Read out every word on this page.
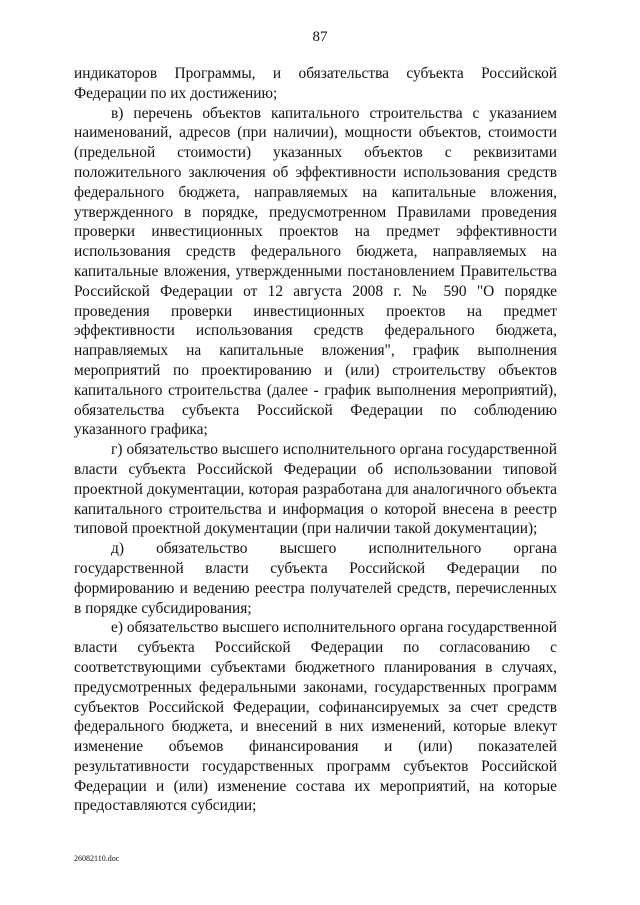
87

индикаторов Программы, и обязательства субъекта Российской Федерации по их достижению;

в) перечень объектов капитального строительства с указанием наименований, адресов (при наличии), мощности объектов, стоимости (предельной стоимости) указанных объектов с реквизитами положительного заключения об эффективности использования средств федерального бюджета, направляемых на капитальные вложения, утвержденного в порядке, предусмотренном Правилами проведения проверки инвестиционных проектов на предмет эффективности использования средств федерального бюджета, направляемых на капитальные вложения, утвержденными постановлением Правительства Российской Федерации от 12 августа 2008 г. № 590 "О порядке проведения проверки инвестиционных проектов на предмет эффективности использования средств федерального бюджета, направляемых на капитальные вложения", график выполнения мероприятий по проектированию и (или) строительству объектов капитального строительства (далее - график выполнения мероприятий), обязательства субъекта Российской Федерации по соблюдению указанного графика;

г) обязательство высшего исполнительного органа государственной власти субъекта Российской Федерации об использовании типовой проектной документации, которая разработана для аналогичного объекта капитального строительства и информация о которой внесена в реестр типовой проектной документации (при наличии такой документации);

д) обязательство высшего исполнительного органа государственной власти субъекта Российской Федерации по формированию и ведению реестра получателей средств, перечисленных в порядке субсидирования;

е) обязательство высшего исполнительного органа государственной власти субъекта Российской Федерации по согласованию с соответствующими субъектами бюджетного планирования в случаях, предусмотренных федеральными законами, государственных программ субъектов Российской Федерации, софинансируемых за счет средств федерального бюджета, и внесений в них изменений, которые влекут изменение объемов финансирования и (или) показателей результативности государственных программ субъектов Российской Федерации и (или) изменение состава их мероприятий, на которые предоставляются субсидии;

26082110.doc
